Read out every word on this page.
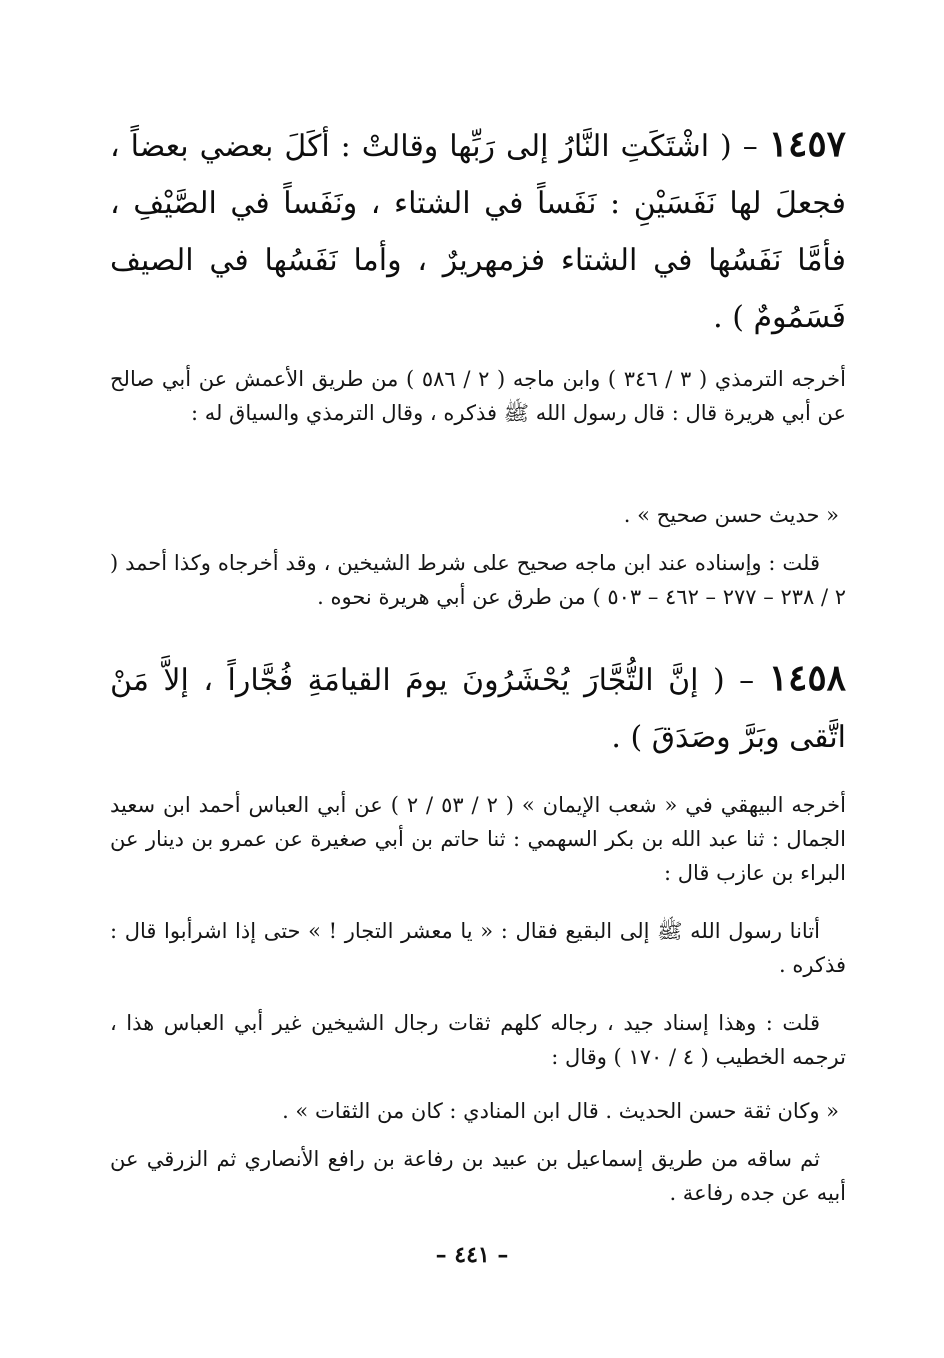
١٤٥٧ – ( اشْتَكَتِ النَّارُ إلى رَبِّها وقالتْ : أكَلَ بعضي بعضاً ، فجعلَ لها نَفَسَيْنِ : نَفَساً في الشتاء ، ونَفَساً في الصَّيْفِ ، فأمَّا نَفَسُها في الشتاء فزمهريرٌ ، وأما نَفَسُها في الصيف فَسَمُومٌ ) .
أخرجه الترمذي ( ٣ / ٣٤٦ ) وابن ماجه ( ٢ / ٥٨٦ ) من طريق الأعمش عن أبي صالح عن أبي هريرة قال : قال رسول الله ﷺ فذكره ، وقال الترمذي والسياق له :
« حديث حسن صحيح » .
قلت : وإسناده عند ابن ماجه صحيح على شرط الشيخين ، وقد أخرجاه وكذا أحمد ( ٢ / ٢٣٨ – ٢٧٧ – ٤٦٢ – ٥٠٣ ) من طرق عن أبي هريرة نحوه .
١٤٥٨ – ( إنَّ التُّجَّارَ يُحْشَرُونَ يومَ القيامَةِ فُجَّاراً ، إلاَّ مَنْ اتَّقى وبَرَّ وصَدَقَ ) .
أخرجه البيهقي في « شعب الإيمان » ( ٢ / ٥٣ / ٢ ) عن أبي العباس أحمد ابن سعيد الجمال : ثنا عبد الله بن بكر السهمي : ثنا حاتم بن أبي صغيرة عن عمرو بن دينار عن البراء بن عازب قال :
أتانا رسول الله ﷺ إلى البقيع فقال : « يا معشر التجار ! » حتى إذا اشرأبوا قال : فذكره .
قلت : وهذا إسناد جيد ، رجاله كلهم ثقات رجال الشيخين غير أبي العباس هذا ، ترجمه الخطيب ( ٤ / ١٧٠ ) وقال :
« وكان ثقة حسن الحديث . قال ابن المنادي : كان من الثقات » .
ثم ساقه من طريق إسماعيل بن عبيد بن رفاعة بن رافع الأنصاري ثم الزرقي عن أبيه عن جده رفاعة .
– ٤٤١ –
